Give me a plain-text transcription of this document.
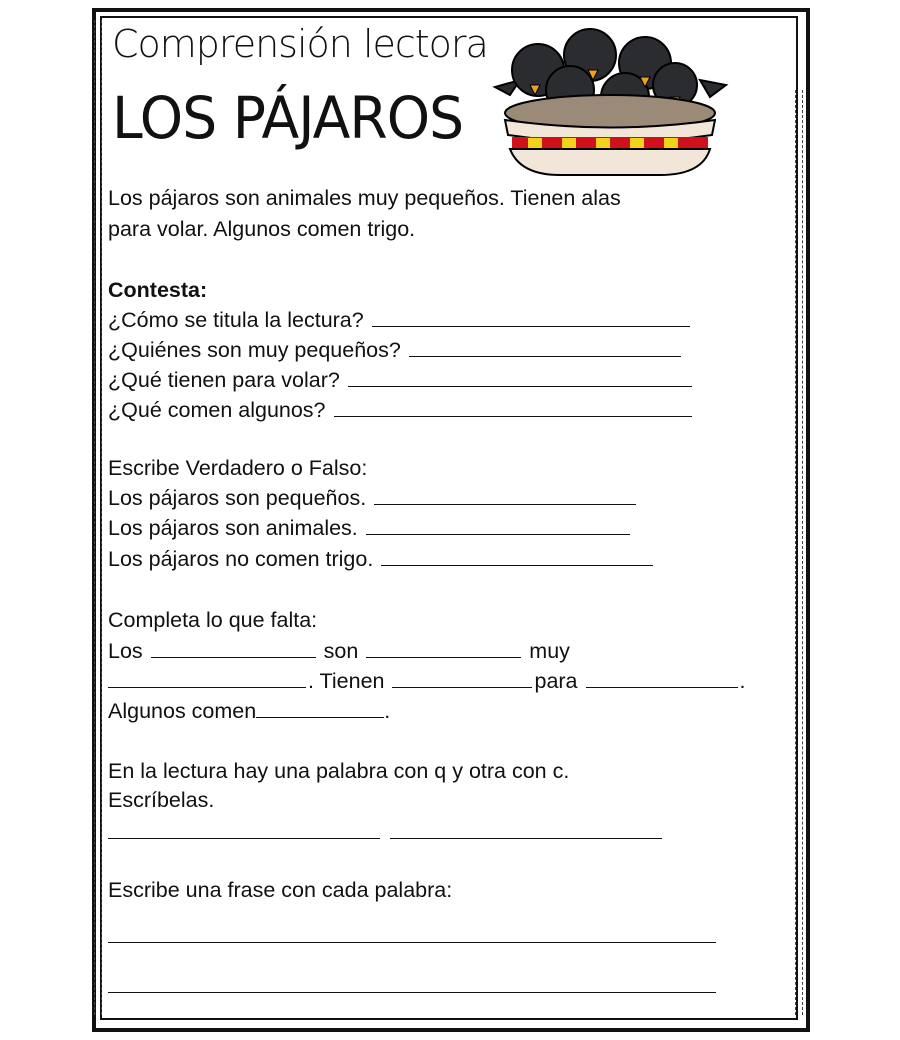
Comprensión lectora
LOS PÁJAROS
Los pájaros son animales muy pequeños. Tienen alas
para volar. Algunos comen trigo.
Contesta:
¿Cómo se titula la lectura?
¿Quiénes son muy pequeños?
¿Qué tienen para volar?
¿Qué comen algunos?
Escribe Verdadero o Falso:
Los pájaros son pequeños.
Los pájaros son animales.
Los pájaros no comen trigo.
Completa lo que falta:
Los	son	muy
. Tienen	para	.
Algunos comen	.
En la lectura hay una palabra con q y otra con c.
Escríbelas.

Escribe una frase con cada palabra:
